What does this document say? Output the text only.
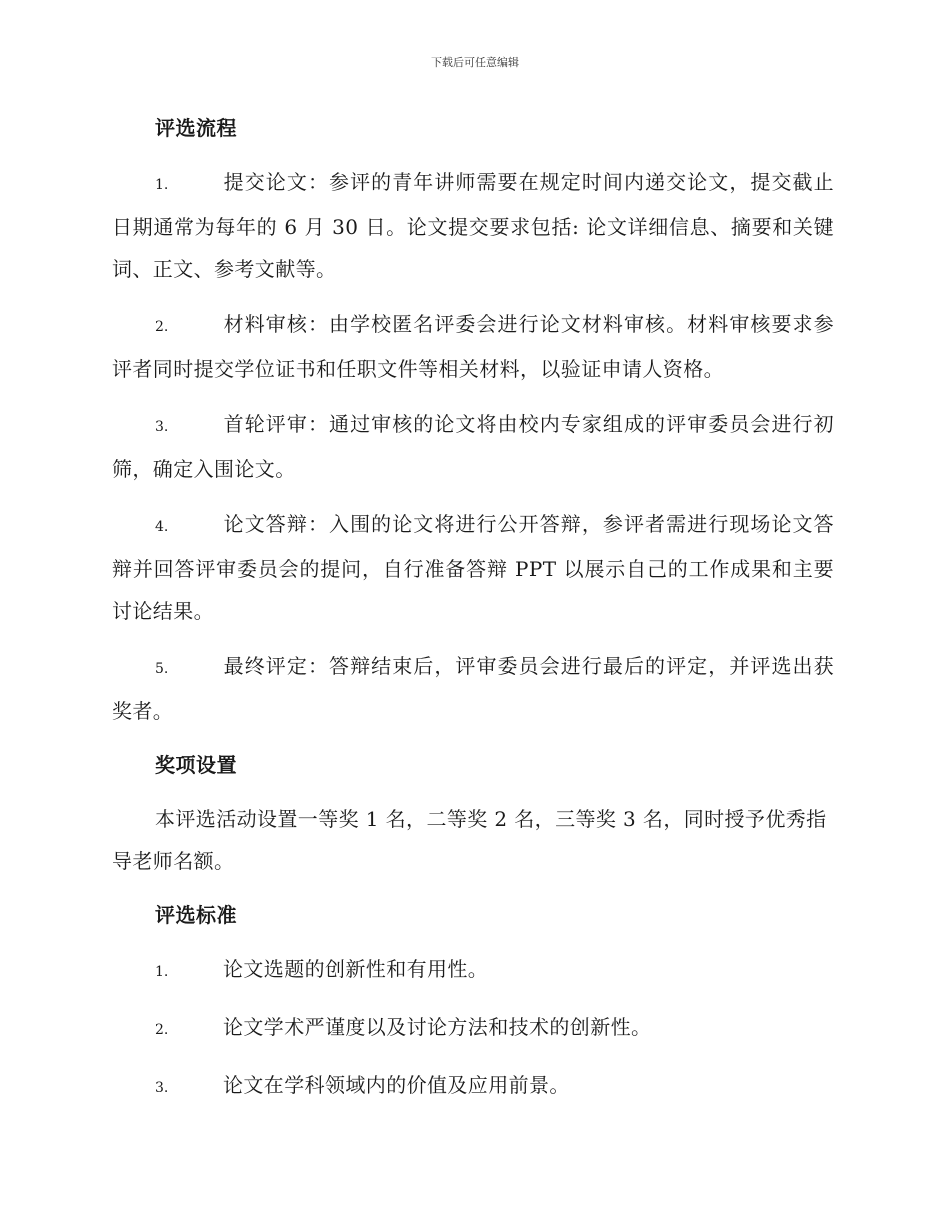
下载后可任意编辑
评选流程

1.	提交论文：参评的青年讲师需要在规定时间内递交论文，提交截止日期通常为每年的 6 月 30 日。论文提交要求包括: 论文详细信息、摘要和关键词、正文、参考文献等。

2.	材料审核：由学校匿名评委会进行论文材料审核。材料审核要求参评者同时提交学位证书和任职文件等相关材料，以验证申请人资格。

3.	首轮评审：通过审核的论文将由校内专家组成的评审委员会进行初筛，确定入围论文。

4.	论文答辩：入围的论文将进行公开答辩，参评者需进行现场论文答辩并回答评审委员会的提问，自行准备答辩 PPT 以展示自己的工作成果和主要讨论结果。

5.	最终评定：答辩结束后，评审委员会进行最后的评定，并评选出获奖者。

奖项设置

本评选活动设置一等奖 1 名，二等奖 2 名，三等奖 3 名，同时授予优秀指导老师名额。

评选标准

1.	论文选题的创新性和有用性。

2.	论文学术严谨度以及讨论方法和技术的创新性。

3.	论文在学科领域内的价值及应用前景。
